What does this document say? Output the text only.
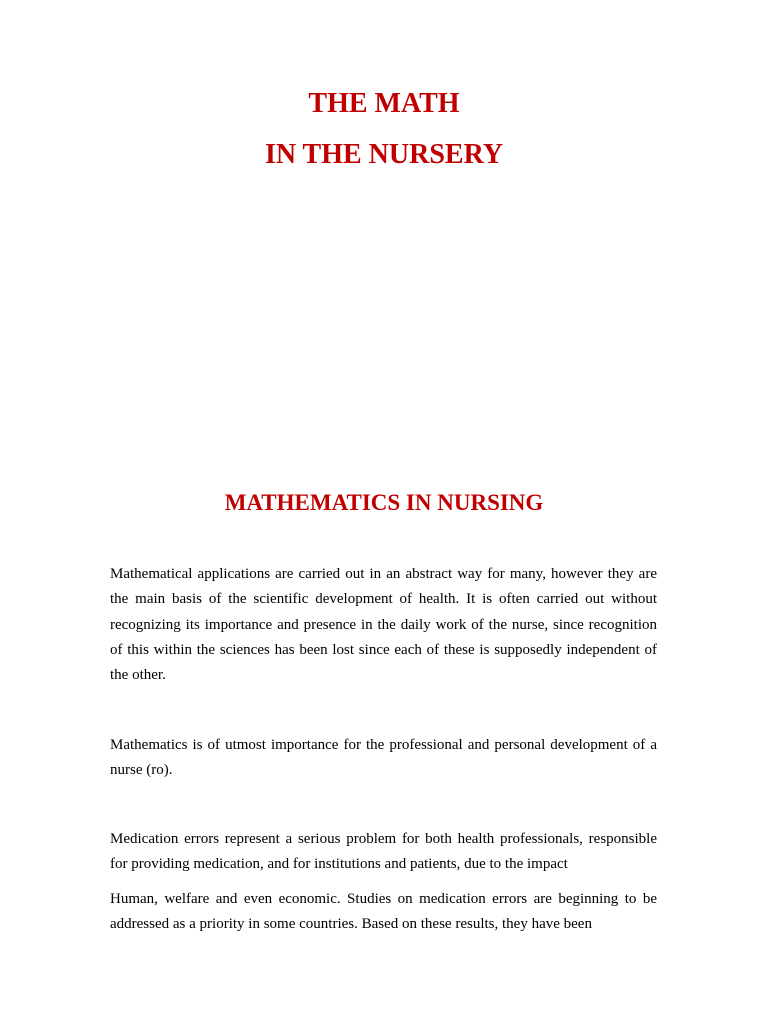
THE MATH
IN THE NURSERY
MATHEMATICS IN NURSING

Mathematical applications are carried out in an abstract way for many, however they are the main basis of the scientific development of health. It is often carried out without recognizing its importance and presence in the daily work of the nurse, since recognition of this within the sciences has been lost since each of these is supposedly independent of the other.

Mathematics is of utmost importance for the professional and personal development of a nurse (ro).

Medication errors represent a serious problem for both health professionals, responsible for providing medication, and for institutions and patients, due to the impact

Human, welfare and even economic. Studies on medication errors are beginning to be addressed as a priority in some countries. Based on these results, they have been
